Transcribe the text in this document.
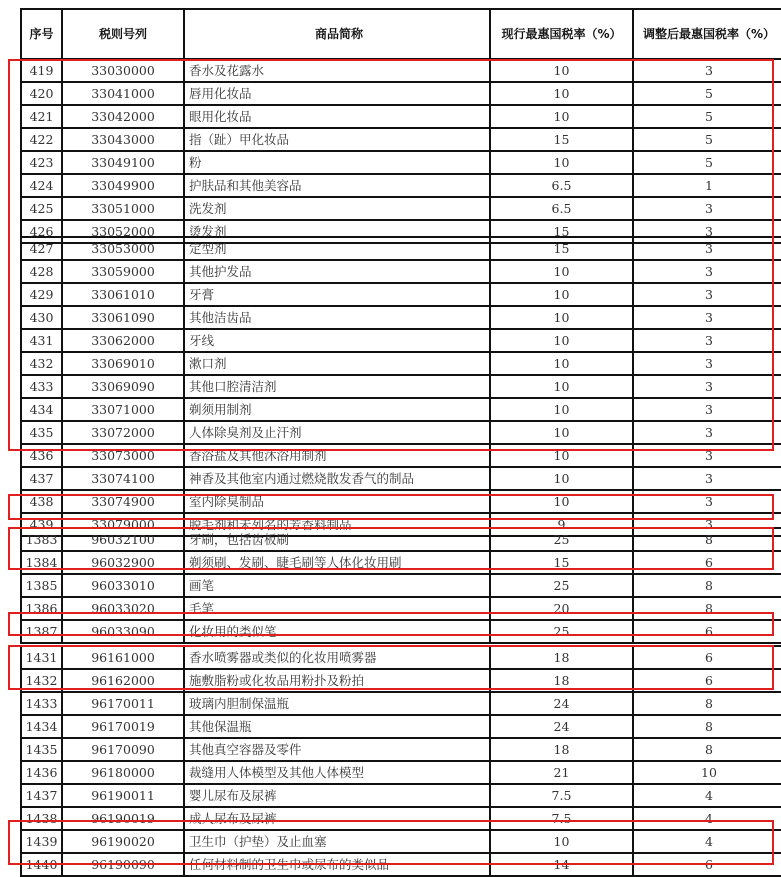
序号	税则号列	商品简称	现行最惠国税率（%）	调整后最惠国税率（%）
419	33030000	香水及花露水	10	3
420	33041000	唇用化妆品	10	5
421	33042000	眼用化妆品	10	5
422	33043000	指（趾）甲化妆品	15	5
423	33049100	粉	10	5
424	33049900	护肤品和其他美容品	6.5	1
425	33051000	洗发剂	6.5	3
426	33052000	烫发剂	15	3
427	33053000	定型剂	15	3
428	33059000	其他护发品	10	3
429	33061010	牙膏	10	3
430	33061090	其他洁齿品	10	3
431	33062000	牙线	10	3
432	33069010	漱口剂	10	3
433	33069090	其他口腔清洁剂	10	3
434	33071000	剃须用制剂	10	3
435	33072000	人体除臭剂及止汗剂	10	3
436	33073000	香浴盐及其他沐浴用制剂	10	3
437	33074100	神香及其他室内通过燃烧散发香气的制品	10	3
438	33074900	室内除臭制品	10	3
439	33079000	脱毛剂和未列名的芳香料制品	9	3
1383	96032100	牙刷，包括齿板刷	25	8
1384	96032900	剃须刷、发刷、睫毛刷等人体化妆用刷	15	6
1385	96033010	画笔	25	8
1386	96033020	毛笔	20	8
1387	96033090	化妆用的类似笔	25	6
1431	96161000	香水喷雾器或类似的化妆用喷雾器	18	6
1432	96162000	施敷脂粉或化妆品用粉扑及粉拍	18	6
1433	96170011	玻璃内胆制保温瓶	24	8
1434	96170019	其他保温瓶	24	8
1435	96170090	其他真空容器及零件	18	8
1436	96180000	裁缝用人体模型及其他人体模型	21	10
1437	96190011	婴儿尿布及尿裤	7.5	4
1438	96190019	成人尿布及尿裤	7.5	4
1439	96190020	卫生巾（护垫）及止血塞	10	4
1440	96190090	任何材料制的卫生巾或尿布的类似品	14	6
